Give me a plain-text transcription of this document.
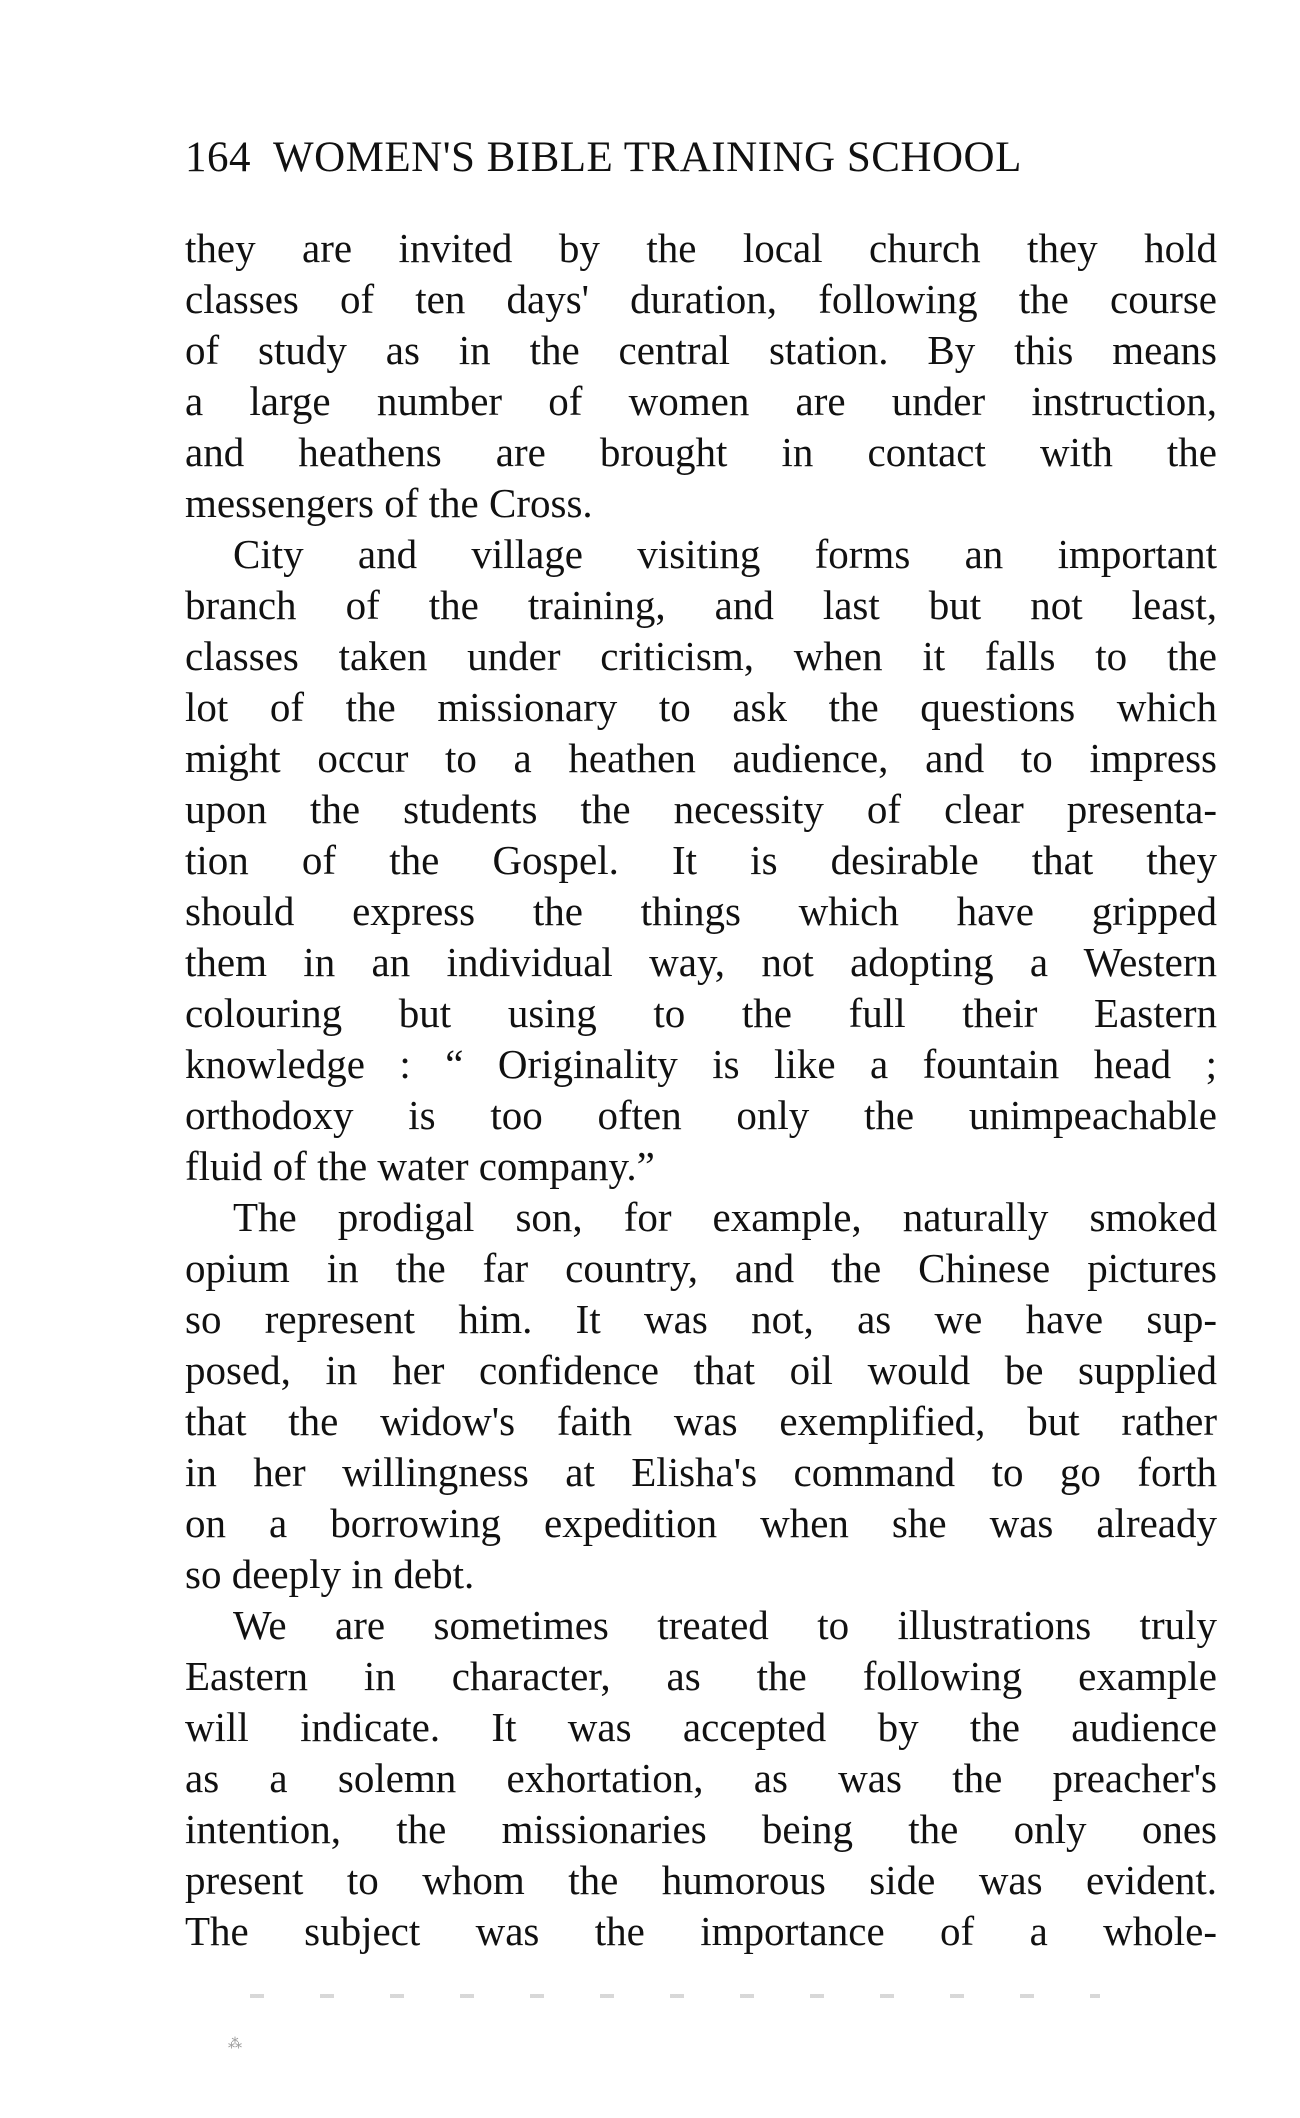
164 WOMEN'S BIBLE TRAINING SCHOOL
they are invited by the local church they hold
classes of ten days' duration, following the course
of study as in the central station. By this means
a large number of women are under instruction,
and heathens are brought in contact with the
messengers of the Cross.
City and village visiting forms an important
branch of the training, and last but not least,
classes taken under criticism, when it falls to the
lot of the missionary to ask the questions which
might occur to a heathen audience, and to impress
upon the students the necessity of clear presenta-
tion of the Gospel. It is desirable that they
should express the things which have gripped
them in an individual way, not adopting a Western
colouring but using to the full their Eastern
knowledge : “ Originality is like a fountain head ;
orthodoxy is too often only the unimpeachable
fluid of the water company.”
The prodigal son, for example, naturally smoked
opium in the far country, and the Chinese pictures
so represent him. It was not, as we have sup-
posed, in her confidence that oil would be supplied
that the widow's faith was exemplified, but rather
in her willingness at Elisha's command to go forth
on a borrowing expedition when she was already
so deeply in debt.
We are sometimes treated to illustrations truly
Eastern in character, as the following example
will indicate. It was accepted by the audience
as a solemn exhortation, as was the preacher's
intention, the missionaries being the only ones
present to whom the humorous side was evident.
The subject was the importance of a whole-
⁂
